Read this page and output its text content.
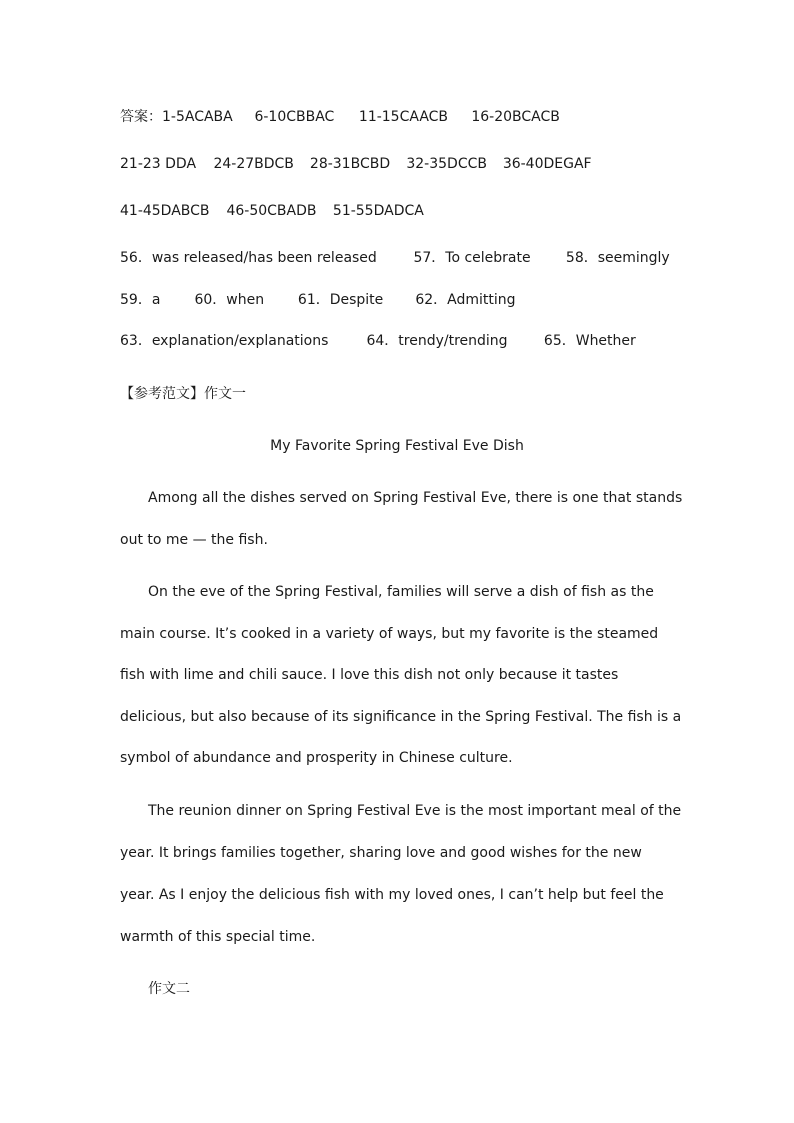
答案：1-5ACABA 6-10CBBAC 11-15CAACB 16-20BCACB
21-23 DDA 24-27BDCB 28-31BCBD 32-35DCCB 36-40DEGAF
41-45DABCB 46-50CBADB 51-55DADCA
56．was released/has been released	57．To celebrate	58．seemingly
59．a 60．when 61．Despite 62．Admitting
63．explanation/explanations	64．trendy/trending	65．Whether
【参考范文】作文一
My Favorite Spring Festival Eve Dish
Among all the dishes served on Spring Festival Eve, there is one that stands
out to me — the fish.
On the eve of the Spring Festival, families will serve a dish of fish as the
main course. It’s cooked in a variety of ways, but my favorite is the steamed
fish with lime and chili sauce. I love this dish not only because it tastes
delicious, but also because of its significance in the Spring Festival. The fish is a
symbol of abundance and prosperity in Chinese culture.
The reunion dinner on Spring Festival Eve is the most important meal of the
year. It brings families together, sharing love and good wishes for the new
year. As I enjoy the delicious fish with my loved ones, I can’t help but feel the
warmth of this special time.
作文二
